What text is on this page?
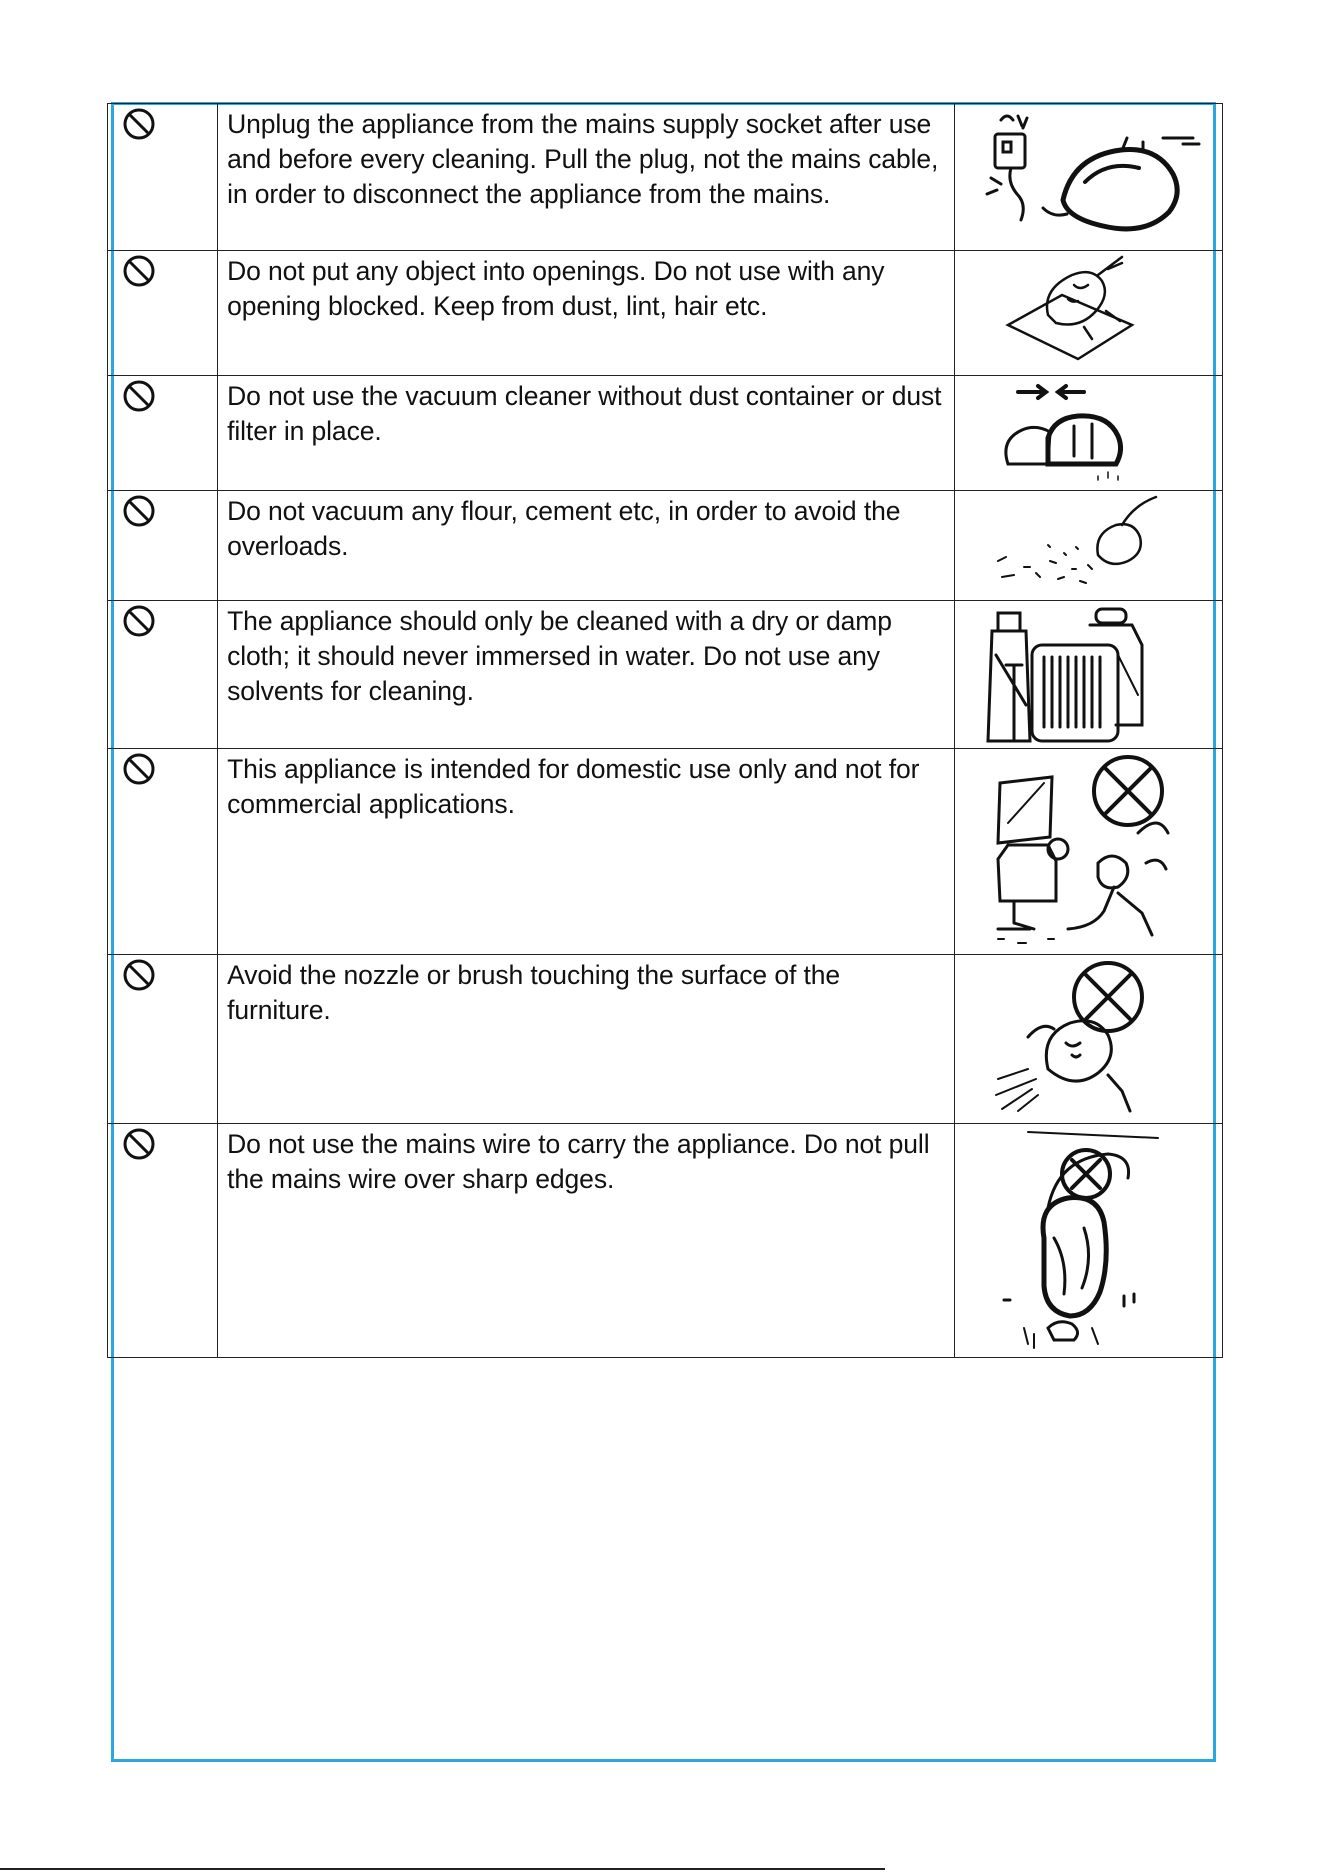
	Unplug the appliance from the mains supply socket after use and before every cleaning. Pull the plug, not the mains cable, in order to disconnect the appliance from the mains.	

	Do not put any object into openings. Do not use with any opening blocked. Keep from dust, lint, hair etc.	

	Do not use the vacuum cleaner without dust container or dust filter in place.	

	Do not vacuum any flour, cement etc, in order to avoid the overloads.	

	The appliance should only be cleaned with a dry or damp cloth; it should never immersed in water. Do not use any solvents for cleaning.	

	This appliance is intended for domestic use only and not for commercial applications.	

	Avoid the nozzle or brush touching the surface of the furniture.	

	Do not use the mains wire to carry the appliance. Do not pull the mains wire over sharp edges.	
